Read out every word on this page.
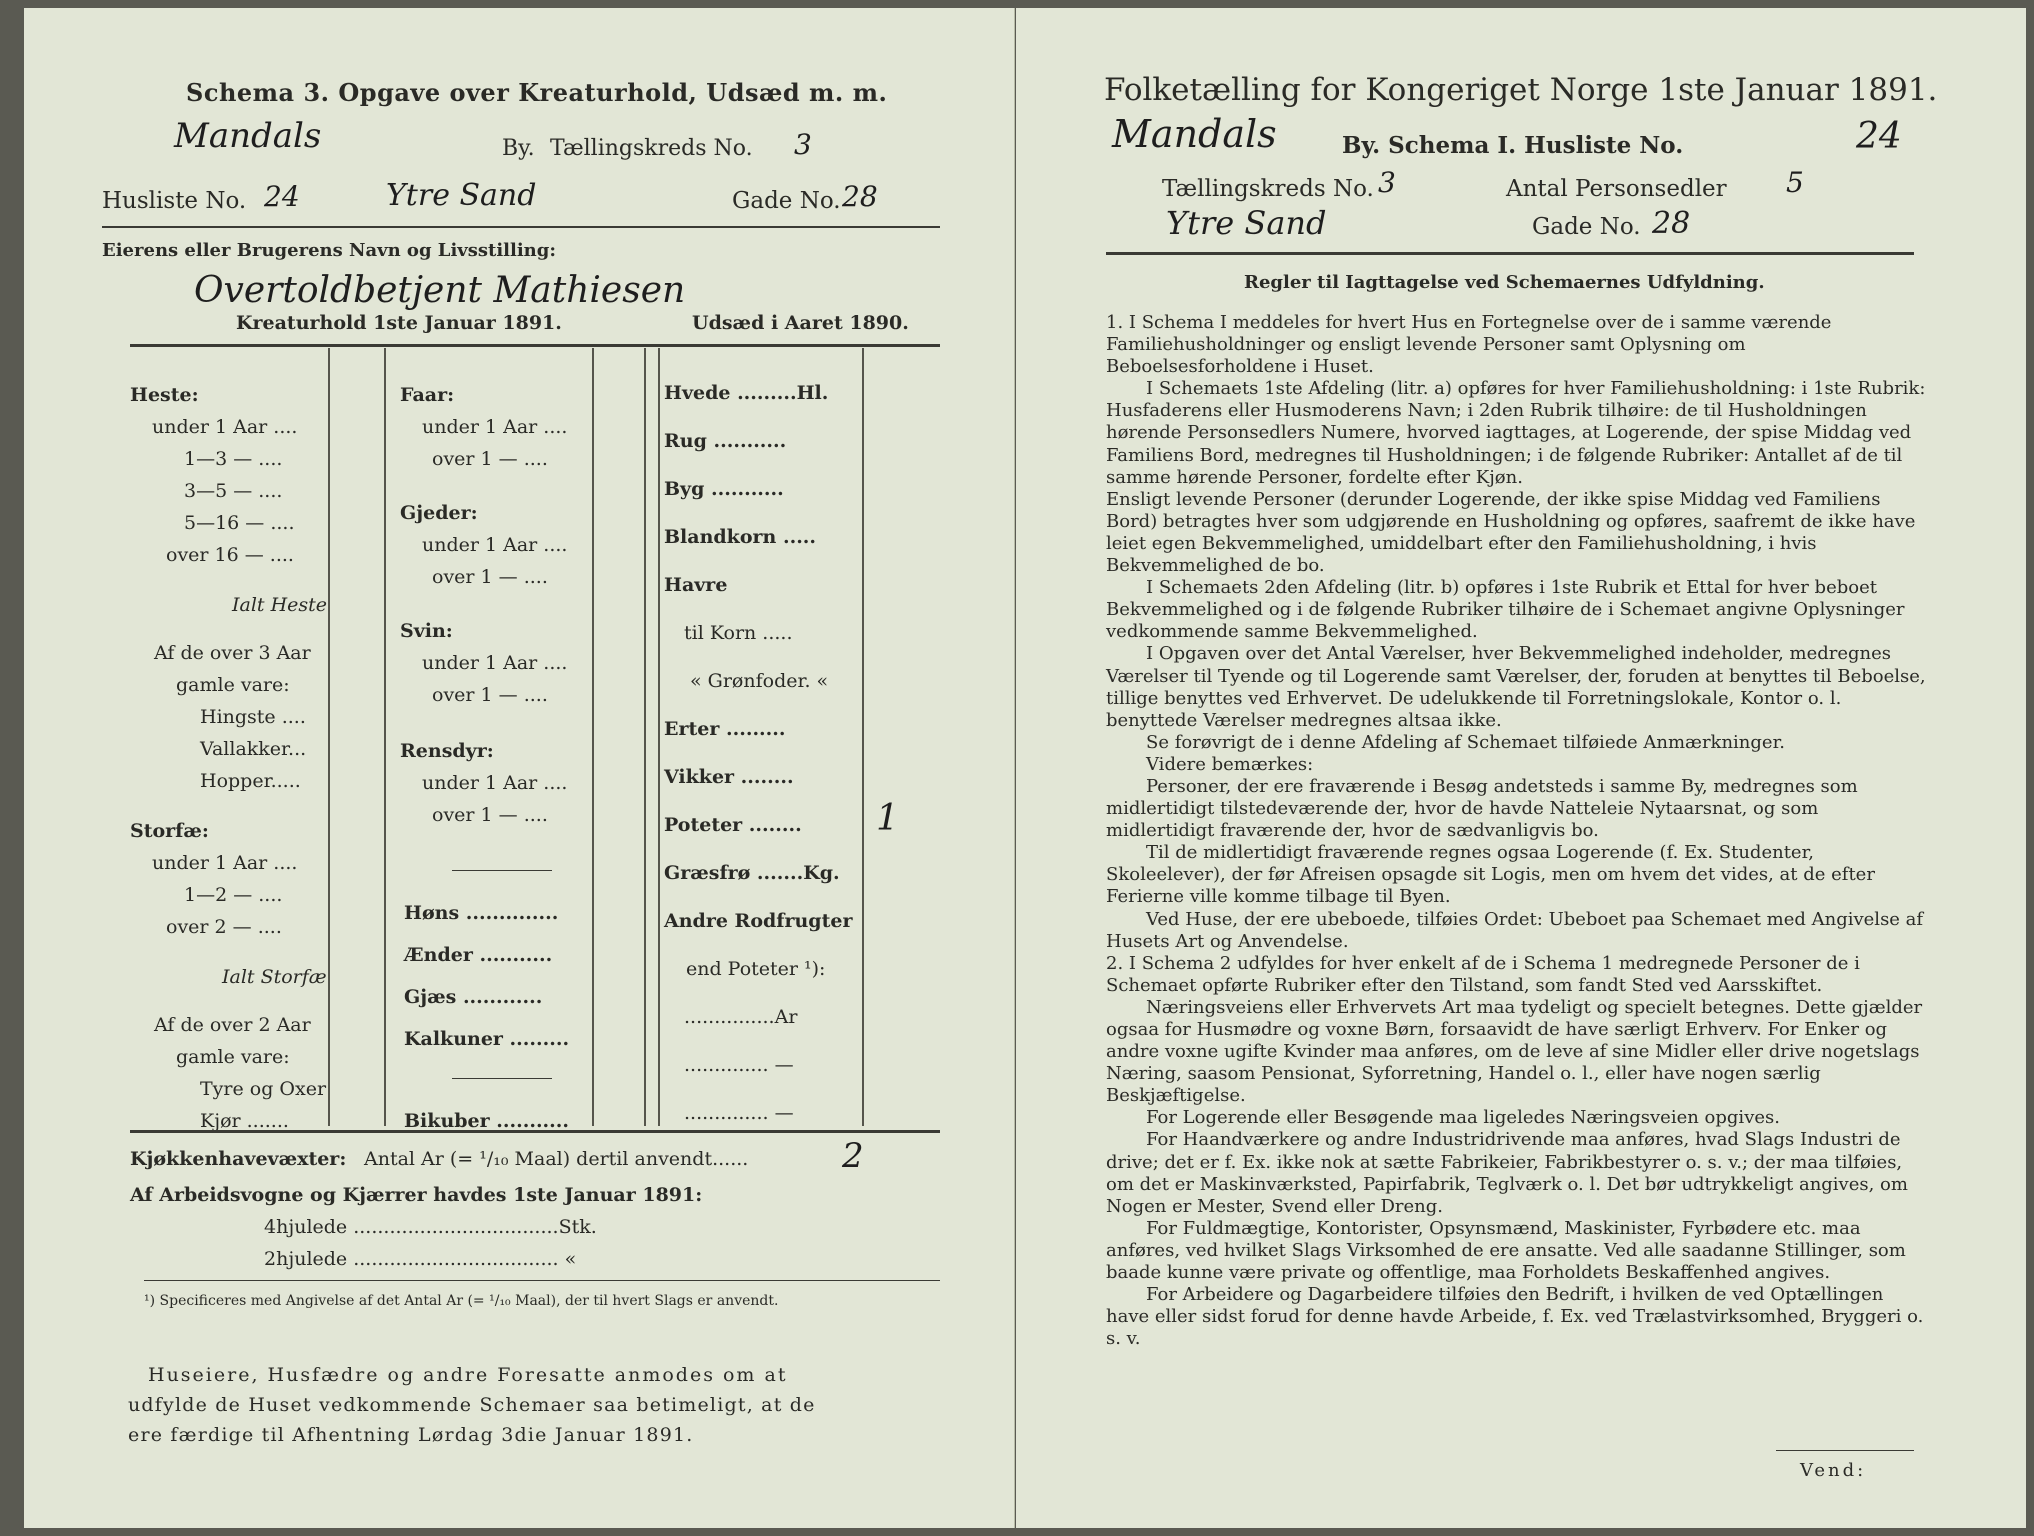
Schema 3. Opgave over Kreaturhold, Udsæd m. m.
Mandals	By. Tællingskreds No. 3
Husliste No. 24	Ytre Sand	Gade No. 28
Eierens eller Brugerens Navn og Livsstilling:
Overtoldbetjent Mathiesen
Kreaturhold 1ste Januar 1891.	Udsæd i Aaret 1890.
Heste:
under 1 Aar ....
1—3 — ....
3—5 — ....
5—16 — ....
over 16 — ....
Ialt Heste
Af de over 3 Aar
gamle vare:
Hingste ....
Vallakker...
Hopper.....
Storfæ:
under 1 Aar ....
1—2 — ....
over 2 — ....
Ialt Storfæ
Af de over 2 Aar
gamle vare:
Tyre og Oxer
Kjør .......
Faar:
under 1 Aar ....
over 1 — ....
Gjeder:
under 1 Aar ....
over 1 — ....
Svin:
under 1 Aar ....
over 1 — ....
Rensdyr:
under 1 Aar ....
over 1 — ....
Høns ..............
Ænder ...........
Gjæs ............
Kalkuner .........
Bikuber ...........
Hvede .........Hl.
Rug ...........
Byg ...........
Blandkorn .....
Havre
til Korn .....
« Grønfoder. «
Erter .........
Vikker ........
Poteter ........ 1
Græsfrø .......Kg.
Andre Rodfrugter
end Poteter ¹):
...............Ar
.............. —
.............. —
Kjøkkenhavevæxter: Antal Ar (= ¹/₁₀ Maal) dertil anvendt......	2
Af Arbeidsvogne og Kjærrer havdes 1ste Januar 1891:
4hjulede ..................................Stk.
2hjulede .................................. «
¹) Specificeres med Angivelse af det Antal Ar (= ¹/₁₀ Maal), der til hvert Slags er anvendt.
Huseiere, Husfædre og andre Foresatte anmodes om at
udfylde de Huset vedkommende Schemaer saa betimeligt, at de
ere færdige til Afhentning Lørdag 3die Januar 1891.
Folketælling for Kongeriget Norge 1ste Januar 1891.
Mandals	By. Schema I. Husliste No.	24
Tællingskreds No. 3	Antal Personsedler 5
Ytre Sand	Gade No. 28
Regler til Iagttagelse ved Schemaernes Udfyldning.

1. I Schema I meddeles for hvert Hus en Fortegnelse over de i samme værende Familiehusholdninger og ensligt levende Personer samt Oplysning om Beboelsesforholdene i Huset.

I Schemaets 1ste Afdeling (litr. a) opføres for hver Familiehusholdning: i 1ste Rubrik: Husfaderens eller Husmoderens Navn; i 2den Rubrik tilhøire: de til Husholdningen hørende Personsedlers Numere, hvorved iagttages, at Logerende, der spise Middag ved Familiens Bord, medregnes til Husholdningen; i de følgende Rubriker: Antallet af de til samme hørende Personer, fordelte efter Kjøn.

Ensligt levende Personer (derunder Logerende, der ikke spise Middag ved Familiens Bord) betragtes hver som udgjørende en Husholdning og opføres, saafremt de ikke have leiet egen Bekvemmelighed, umiddelbart efter den Familiehusholdning, i hvis Bekvemmelighed de bo.

I Schemaets 2den Afdeling (litr. b) opføres i 1ste Rubrik et Ettal for hver beboet Bekvemmelighed og i de følgende Rubriker tilhøire de i Schemaet angivne Oplysninger vedkommende samme Bekvemmelighed.

I Opgaven over det Antal Værelser, hver Bekvemmelighed indeholder, medregnes Værelser til Tyende og til Logerende samt Værelser, der, foruden at benyttes til Beboelse, tillige benyttes ved Erhvervet. De udelukkende til Forretningslokale, Kontor o. l. benyttede Værelser medregnes altsaa ikke.

Se forøvrigt de i denne Afdeling af Schemaet tilføiede Anmærkninger.

Videre bemærkes:

Personer, der ere fraværende i Besøg andetsteds i samme By, medregnes som midlertidigt tilstedeværende der, hvor de havde Natteleie Nytaarsnat, og som midlertidigt fraværende der, hvor de sædvanligvis bo.

Til de midlertidigt fraværende regnes ogsaa Logerende (f. Ex. Studenter, Skoleelever), der før Afreisen opsagde sit Logis, men om hvem det vides, at de efter Ferierne ville komme tilbage til Byen.

Ved Huse, der ere ubeboede, tilføies Ordet: Ubeboet paa Schemaet med Angivelse af Husets Art og Anvendelse.

2. I Schema 2 udfyldes for hver enkelt af de i Schema 1 medregnede Personer de i Schemaet opførte Rubriker efter den Tilstand, som fandt Sted ved Aarsskiftet.

Næringsveiens eller Erhvervets Art maa tydeligt og specielt betegnes. Dette gjælder ogsaa for Husmødre og voxne Børn, forsaavidt de have særligt Erhverv. For Enker og andre voxne ugifte Kvinder maa anføres, om de leve af sine Midler eller drive nogetslags Næring, saasom Pensionat, Syforretning, Handel o. l., eller have nogen særlig Beskjæftigelse.

For Logerende eller Besøgende maa ligeledes Næringsveien opgives.

For Haandværkere og andre Industridrivende maa anføres, hvad Slags Industri de drive; det er f. Ex. ikke nok at sætte Fabrikeier, Fabrikbestyrer o. s. v.; der maa tilføies, om det er Maskinværksted, Papirfabrik, Teglværk o. l. Det bør udtrykkeligt angives, om Nogen er Mester, Svend eller Dreng.

For Fuldmægtige, Kontorister, Opsynsmænd, Maskinister, Fyrbødere etc. maa anføres, ved hvilket Slags Virksomhed de ere ansatte. Ved alle saadanne Stillinger, som baade kunne være private og offentlige, maa Forholdets Beskaffenhed angives.

For Arbeidere og Dagarbeidere tilføies den Bedrift, i hvilken de ved Optællingen have eller sidst forud for denne havde Arbeide, f. Ex. ved Trælastvirksomhed, Bryggeri o. s. v.

Vend:
